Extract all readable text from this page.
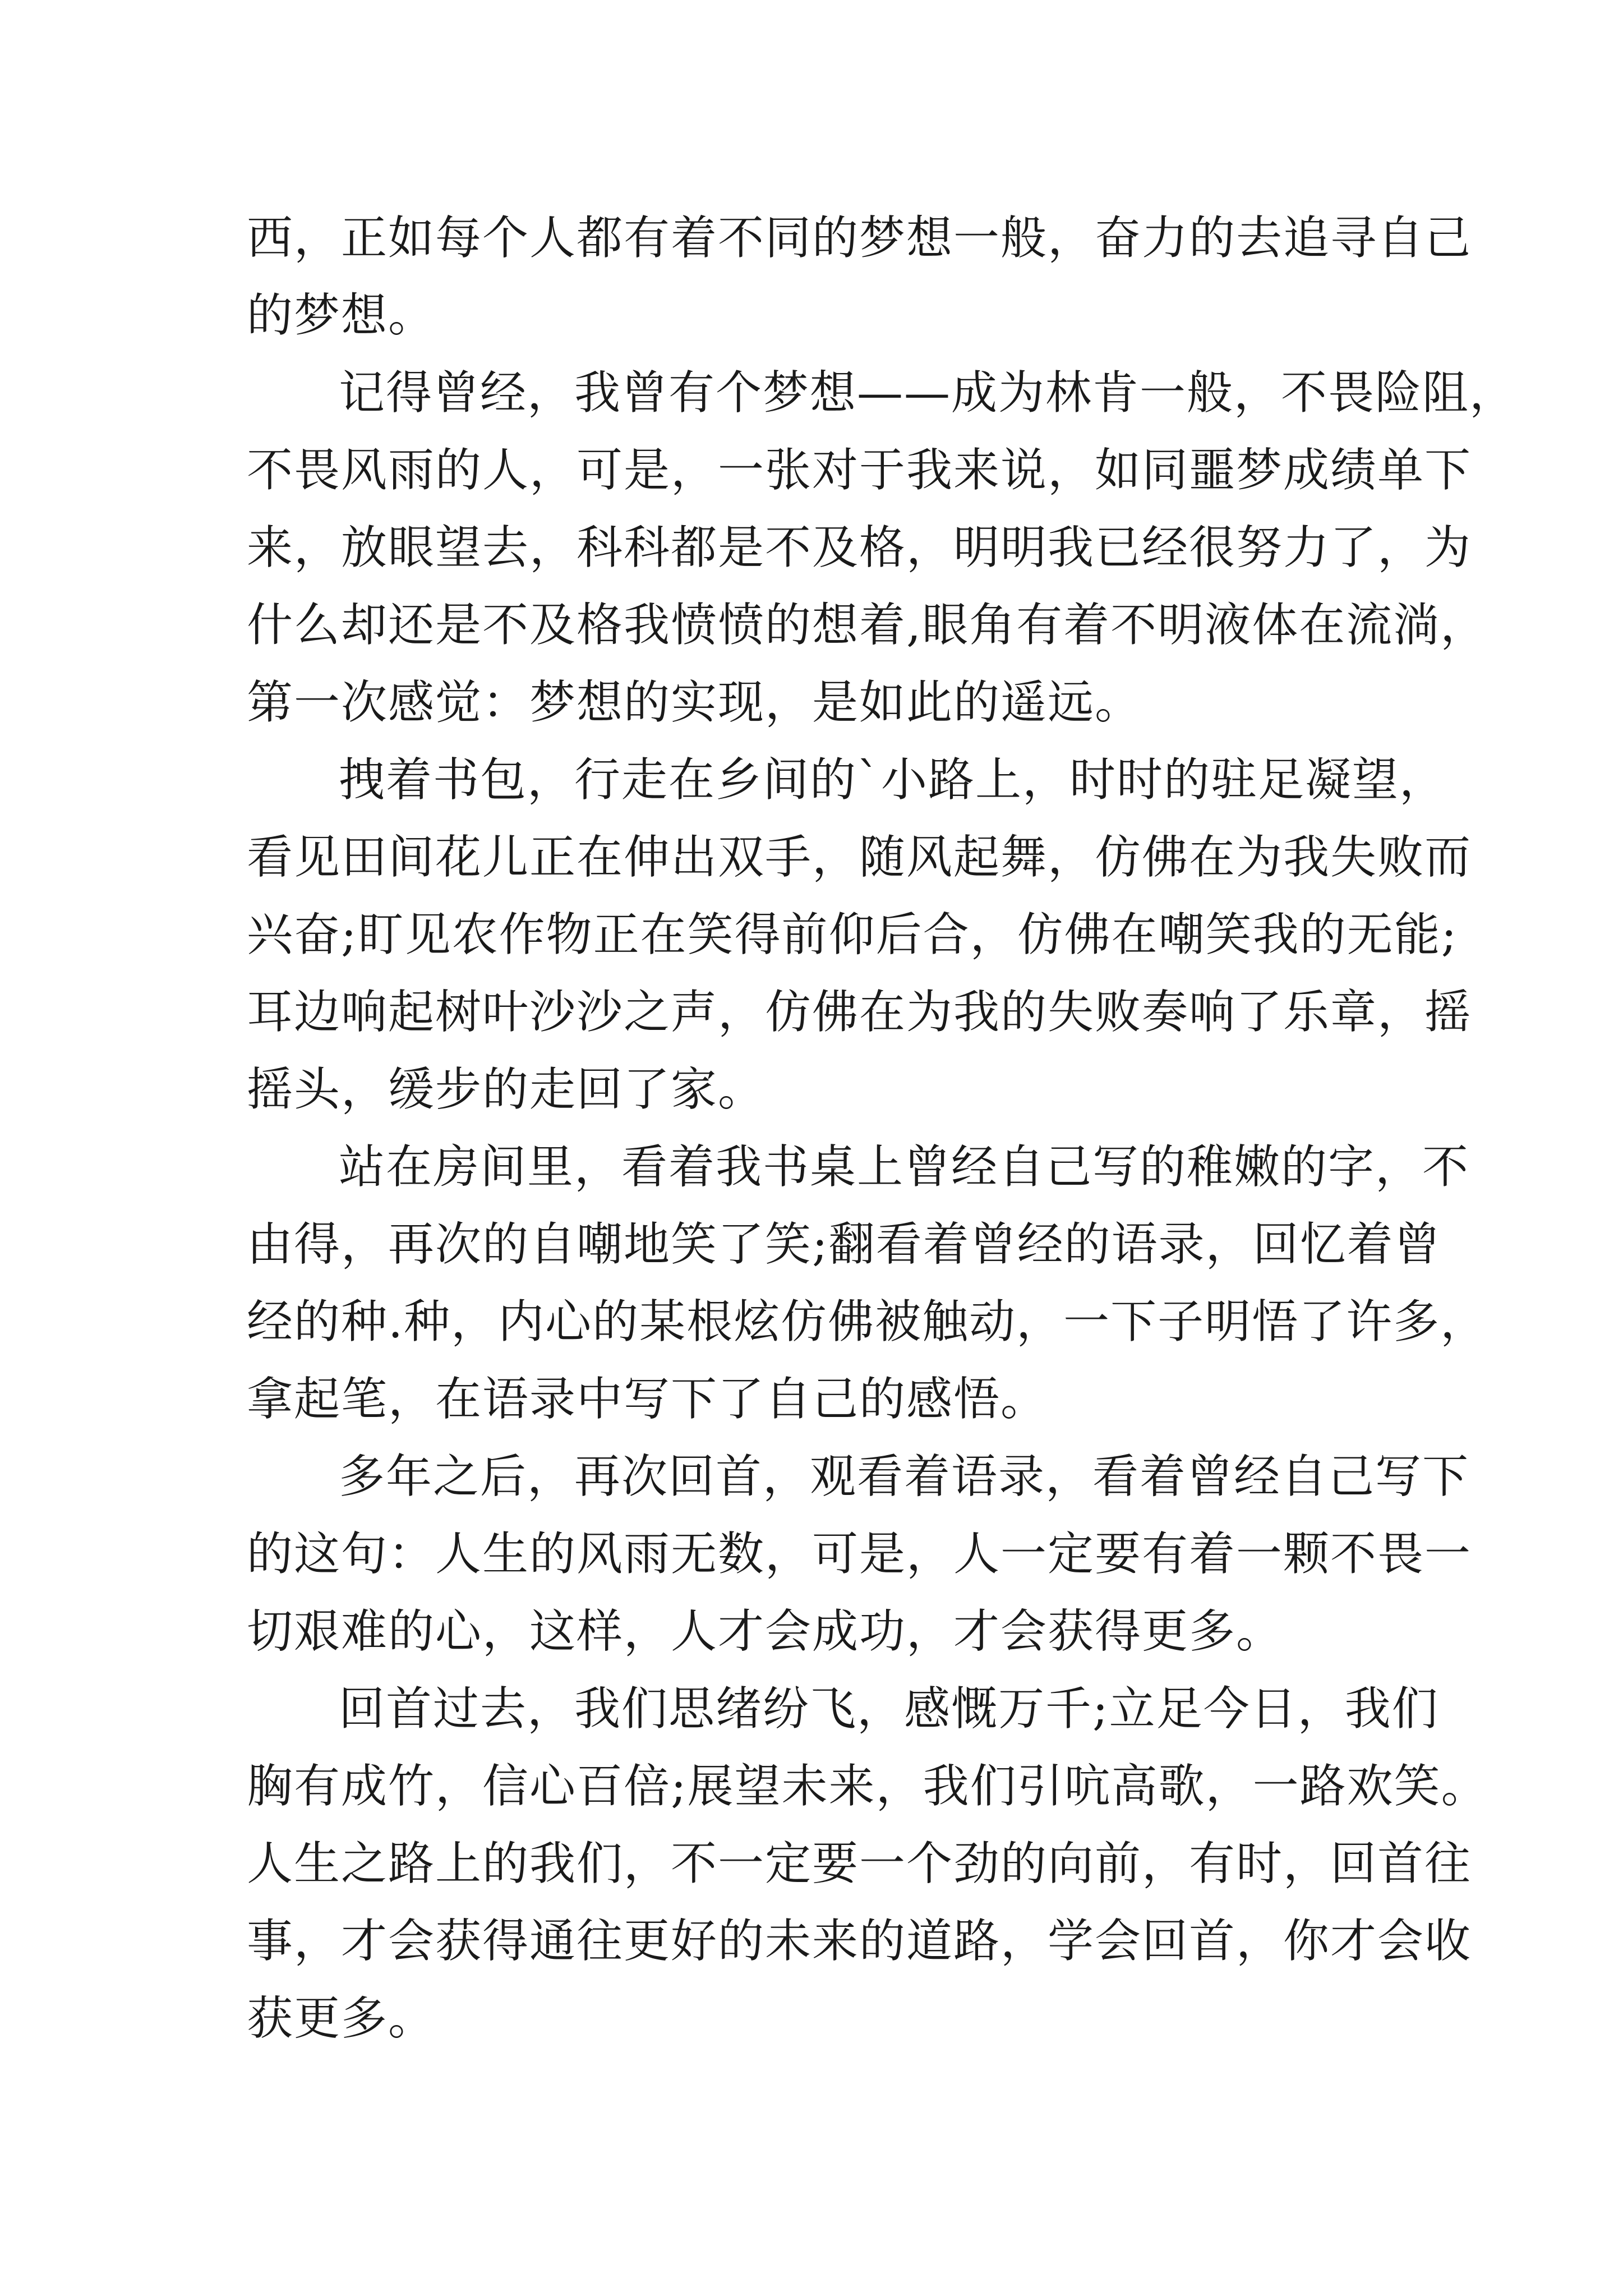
西，正如每个人都有着不同的梦想一般，奋力的去追寻自己
的梦想。
记得曾经，我曾有个梦想——成为林肯一般，不畏险阻，
不畏风雨的人，可是，一张对于我来说，如同噩梦成绩单下
来，放眼望去，科科都是不及格，明明我已经很努力了，为
什么却还是不及格我愤愤的想着,眼角有着不明液体在流淌，
第一次感觉：梦想的实现，是如此的遥远。
拽着书包，行走在乡间的`小路上，时时的驻足凝望，
看见田间花儿正在伸出双手，随风起舞，仿佛在为我失败而
兴奋;盯见农作物正在笑得前仰后合，仿佛在嘲笑我的无能;
耳边响起树叶沙沙之声，仿佛在为我的失败奏响了乐章，摇
摇头，缓步的走回了家。
站在房间里，看着我书桌上曾经自己写的稚嫩的字，不
由得，再次的自嘲地笑了笑;翻看着曾经的语录，回忆着曾
经的种.种，内心的某根炫仿佛被触动，一下子明悟了许多，
拿起笔，在语录中写下了自己的感悟。
多年之后，再次回首，观看着语录，看着曾经自己写下
的这句：人生的风雨无数，可是，人一定要有着一颗不畏一
切艰难的心，这样，人才会成功，才会获得更多。
回首过去，我们思绪纷飞，感慨万千;立足今日，我们
胸有成竹，信心百倍;展望未来，我们引吭高歌，一路欢笑。
人生之路上的我们，不一定要一个劲的向前，有时，回首往
事，才会获得通往更好的未来的道路，学会回首，你才会收
获更多。
